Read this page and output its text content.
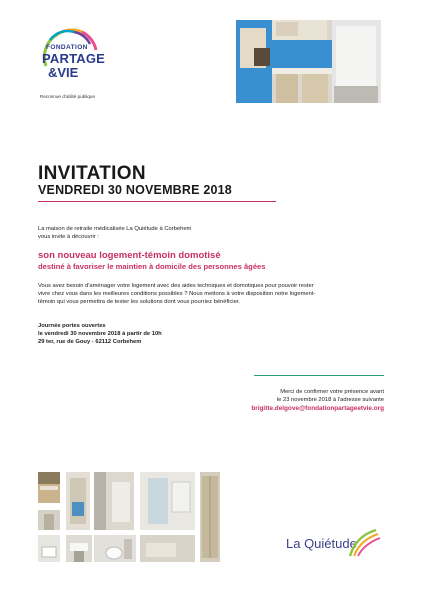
FONDATION
PARTAGE
&VIE
Reconnue d'utilité publique
INVITATION
VENDREDI 30 NOVEMBRE 2018
La maison de retraite médicalisée La Quiétude à Corbehem
vous invite à découvrir :
son nouveau logement-témoin domotisé
destiné à favoriser le maintien à domicile des personnes âgées
Vous avez besoin d'aménager votre logement avec des aides techniques et domotiques pour pouvoir rester
vivre chez vous dans les meilleures conditions possibles ? Nous mettons à votre disposition notre logement-
témoin qui vous permettra de tester les solutions dont vous pourriez bénéficier.
Journée portes ouvertes
le vendredi 30 novembre 2018 à partir de 10h
29 ter, rue de Gouy - 62112 Corbehem
Merci de confirmer votre présence avant
le 23 novembre 2018 à l'adresse suivante
brigitte.delgove@fondationpartageetvie.org
La Quiétude
